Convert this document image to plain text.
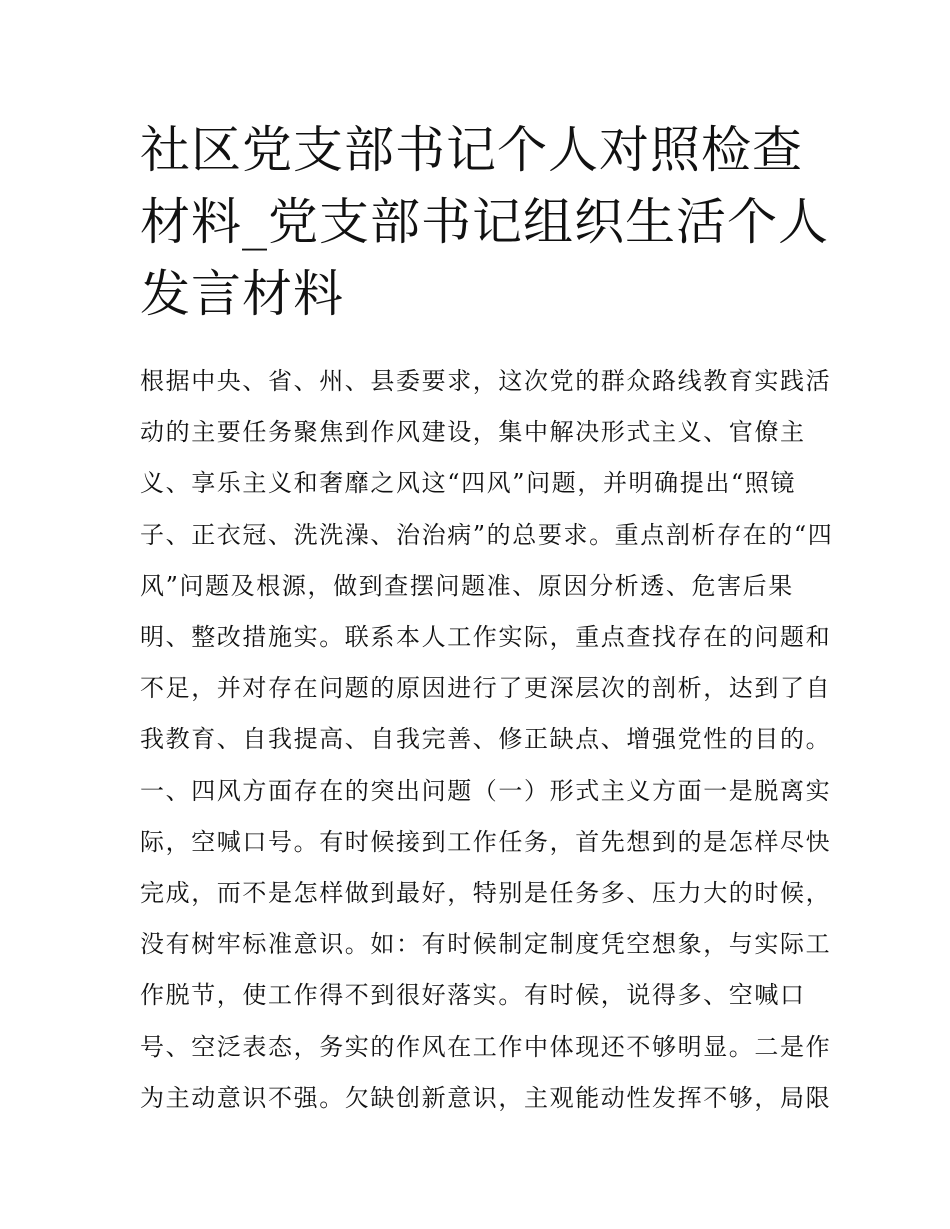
社区党支部书记个人对照检查
材料_党支部书记组织生活个人
发言材料
根据中央、省、州、县委要求，这次党的群众路线教育实践活
动的主要任务聚焦到作风建设，集中解决形式主义、官僚主
义、享乐主义和奢靡之风这“四风”问题，并明确提出“照镜
子、正衣冠、洗洗澡、治治病”的总要求。重点剖析存在的“四
风”问题及根源，做到查摆问题准、原因分析透、危害后果
明、整改措施实。联系本人工作实际，重点查找存在的问题和
不足，并对存在问题的原因进行了更深层次的剖析，达到了自
我教育、自我提高、自我完善、修正缺点、增强党性的目的。
一、四风方面存在的突出问题（一）形式主义方面一是脱离实
际，空喊口号。有时候接到工作任务，首先想到的是怎样尽快
完成，而不是怎样做到最好，特别是任务多、压力大的时候，
没有树牢标准意识。如：有时候制定制度凭空想象，与实际工
作脱节，使工作得不到很好落实。有时候，说得多、空喊口
号、空泛表态，务实的作风在工作中体现还不够明显。二是作
为主动意识不强。欠缺创新意识，主观能动性发挥不够，局限
